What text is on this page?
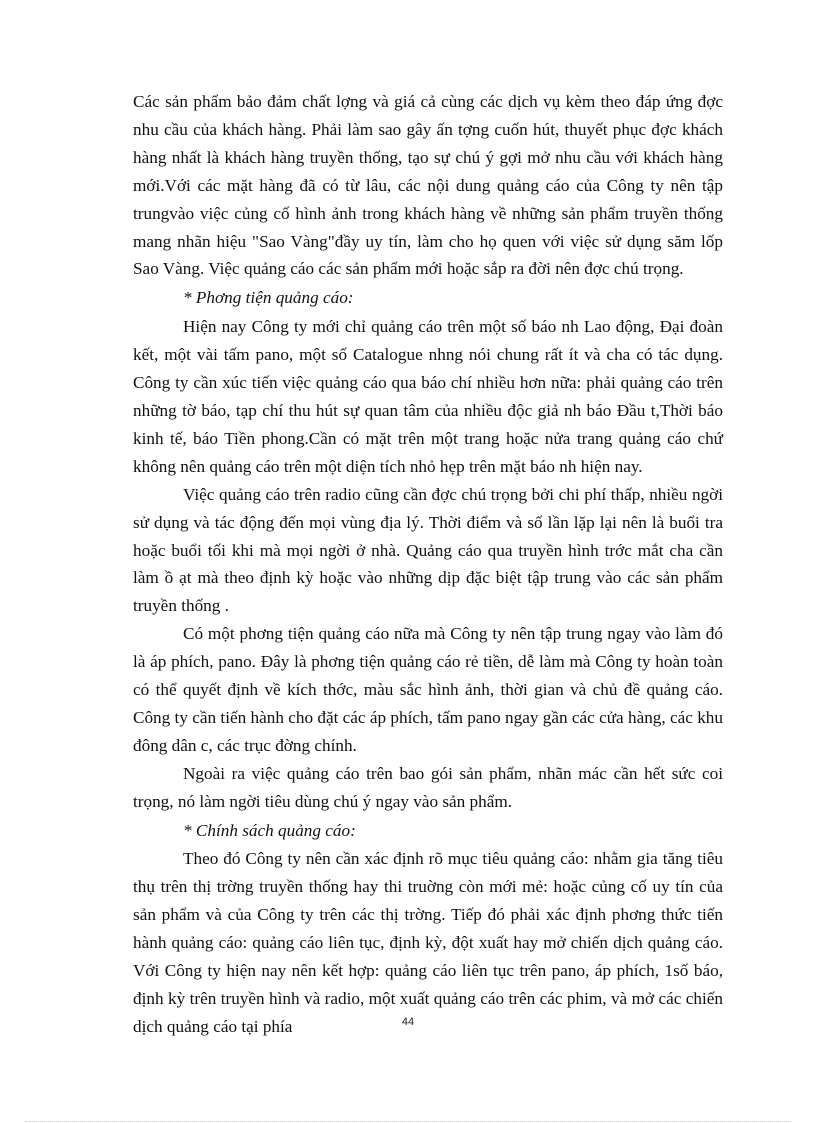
Các sản phẩm bảo đảm chất lợng và giá cả cùng các dịch vụ kèm theo đáp ứng đợc nhu cầu của khách hàng. Phải làm sao gây ấn tợng cuốn hút, thuyết phục đợc khách hàng nhất là khách hàng truyền thống, tạo sự chú ý gợi mở nhu cầu với khách hàng mới.Với các mặt hàng đã có từ lâu, các nội dung quảng cáo của Công ty nên tập trungvào việc củng cố hình ảnh trong khách hàng về những sản phẩm truyền thống mang nhãn hiệu "Sao Vàng"đầy uy tín, làm cho họ quen với việc sử dụng săm lốp Sao Vàng. Việc quảng cáo các sản phẩm mới hoặc sắp ra đời nên đợc chú trọng.

* Phơng tiện quảng cáo:

Hiện nay Công ty mới chỉ quảng cáo trên một số báo nh Lao động, Đại đoàn kết, một vài tấm pano, một số Catalogue nhng nói chung rất ít và cha có tác dụng. Công ty cần xúc tiến việc quảng cáo qua báo chí nhiều hơn nữa: phải quảng cáo trên những tờ báo, tạp chí thu hút sự quan tâm của nhiều độc giả nh báo Đầu t,Thời báo kinh tế, báo Tiền phong.Cần có mặt trên một trang hoặc nửa trang quảng cáo chứ không nên quảng cáo trên một diện tích nhỏ hẹp trên mặt báo nh hiện nay.

Việc quảng cáo trên radio cũng cần đợc chú trọng bởi chi phí thấp, nhiều ngời sử dụng và tác động đến mọi vùng địa lý. Thời điểm và số lần lặp lại nên là buổi tra hoặc buổi tối khi mà mọi ngời ở nhà. Quảng cáo qua truyền hình trớc mắt cha cần làm ồ ạt mà theo định kỳ hoặc vào những dịp đặc biệt tập trung vào các sản phẩm truyền thống .

Có một phơng tiện quảng cáo nữa mà Công ty nên tập trung ngay vào làm đó là áp phích, pano. Đây là phơng tiện quảng cáo rẻ tiền, dễ làm mà Công ty hoàn toàn có thể quyết định về kích thớc, màu sắc hình ảnh, thời gian và chủ đề quảng cáo. Công ty cần tiến hành cho đặt các áp phích, tấm pano ngay gần các cửa hàng, các khu đông dân c, các trục đờng chính.

Ngoài ra việc quảng cáo trên bao gói sản phẩm, nhãn mác cần hết sức coi trọng, nó làm ngời tiêu dùng chú ý ngay vào sản phẩm.

* Chính sách quảng cáo:

Theo đó Công ty nên cần xác định rõ mục tiêu quảng cáo: nhằm gia tăng tiêu thụ trên thị trờng truyền thống hay thi truờng còn mới mẻ: hoặc củng cố uy tín của sản phẩm và của Công ty trên các thị trờng. Tiếp đó phải xác định phơng thức tiến hành quảng cáo: quảng cáo liên tục, định kỳ, đột xuất hay mở chiến dịch quảng cáo. Với Công ty hiện nay nên kết hợp: quảng cáo liên tục trên pano, áp phích, 1số báo, định kỳ trên truyền hình và radio, một xuất quảng cáo trên các phim, và mở các chiến dịch quảng cáo tại phía	44
